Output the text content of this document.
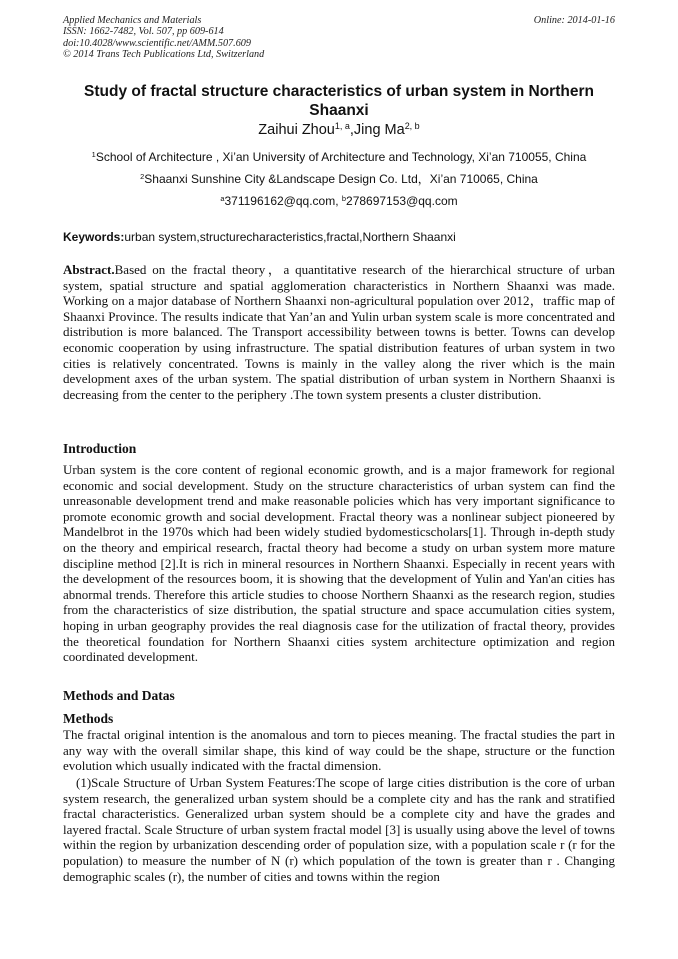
Applied Mechanics and Materials
ISSN: 1662-7482, Vol. 507, pp 609-614
doi:10.4028/www.scientific.net/AMM.507.609
© 2014 Trans Tech Publications Ltd, Switzerland
Online: 2014-01-16
Study of fractal structure characteristics of urban system in Northern Shaanxi
Zaihui Zhou$^{1, a}$,Jing Ma$^{2, b}$
$^1$School of Architecture , Xi’an University of Architecture and Technology, Xi’an 710055, China
$^2$Shaanxi Sunshine City &Landscape Design Co. Ltd，Xi’an 710065, China
$^a$371196162@qq.com, $^b$278697153@qq.com
Keywords:urban system,structurecharacteristics,fractal,Northern Shaanxi
Abstract.Based on the fractal theory，a quantitative research of the hierarchical structure of urban system, spatial structure and spatial agglomeration characteristics in Northern Shaanxi was made. Working on a major database of Northern Shaanxi non-agricultural population over 2012，traffic map of Shaanxi Province. The results indicate that Yan’an and Yulin urban system scale is more concentrated and distribution is more balanced. The Transport accessibility between towns is better. Towns can develop economic cooperation by using infrastructure. The spatial distribution features of urban system in two cities is relatively concentrated. Towns is mainly in the valley along the river which is the main development axes of the urban system. The spatial distribution of urban system in Northern Shaanxi is decreasing from the center to the periphery .The town system presents a cluster distribution.
Introduction
Urban system is the core content of regional economic growth, and is a major framework for regional economic and social development. Study on the structure characteristics of urban system can find the unreasonable development trend and make reasonable policies which has very important significance to promote economic growth and social development. Fractal theory was a nonlinear subject pioneered by Mandelbrot in the 1970s which had been widely studied bydomesticscholars[1]. Through in-depth study on the theory and empirical research, fractal theory had become a study on urban system more mature discipline method [2].It is rich in mineral resources in Northern Shaanxi. Especially in recent years with the development of the resources boom, it is showing that the development of Yulin and Yan'an cities has abnormal trends. Therefore this article studies to choose Northern Shaanxi as the research region, studies from the characteristics of size distribution, the spatial structure and space accumulation cities system, hoping in urban geography provides the real diagnosis case for the utilization of fractal theory, provides the theoretical foundation for Northern Shaanxi cities system architecture optimization and region coordinated development.
Methods and Datas
Methods
The fractal original intention is the anomalous and torn to pieces meaning. The fractal studies the part in any way with the overall similar shape, this kind of way could be the shape, structure or the function evolution which usually indicated with the fractal dimension.
(1)Scale Structure of Urban System Features:The scope of large cities distribution is the core of urban system research, the generalized urban system should be a complete city and has the rank and stratified fractal characteristics. Generalized urban system should be a complete city and have the grades and layered fractal. Scale Structure of urban system fractal model [3] is usually using above the level of towns within the region by urbanization descending order of population size, with a population scale r (r for the population) to measure the number of N (r) which population of the town is greater than r . Changing demographic scales (r), the number of cities and towns within the region
